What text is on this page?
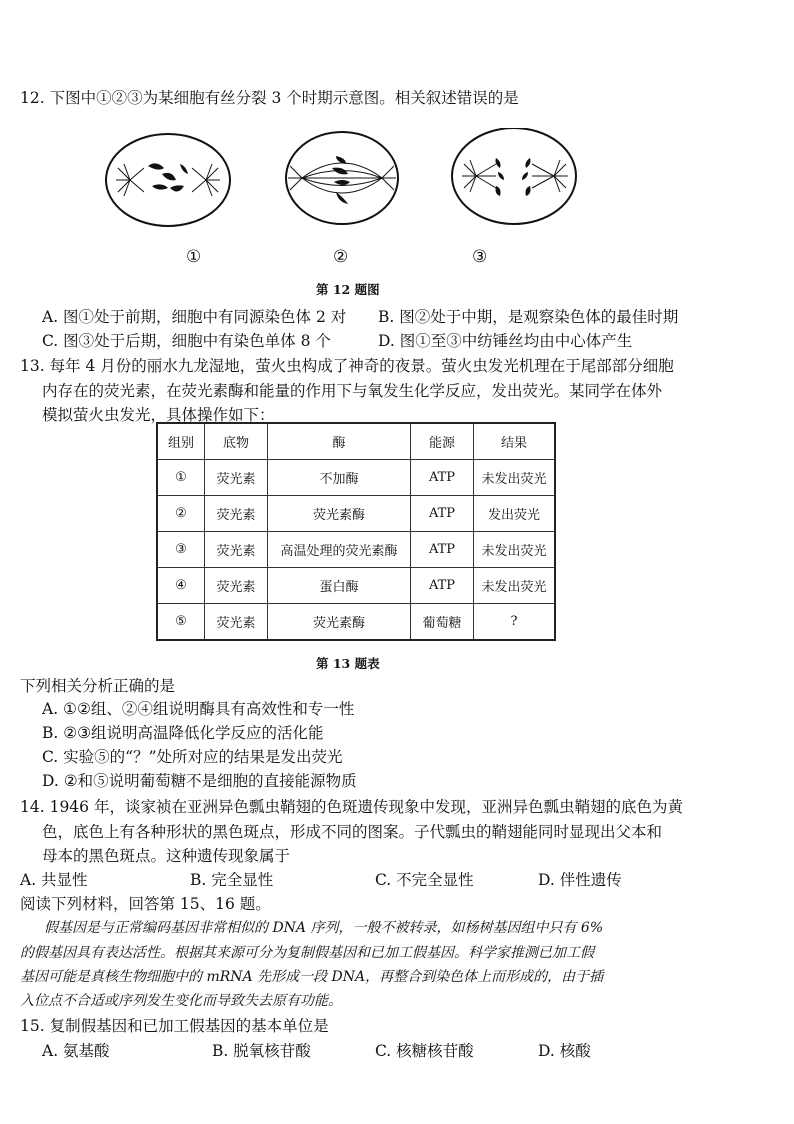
12. 下图中①②③为某细胞有丝分裂 3 个时期示意图。相关叙述错误的是
①	②	③
第 12 题图
A. 图①处于前期，细胞中有同源染色体 2 对 B. 图②处于中期，是观察染色体的最佳时期
C. 图③处于后期，细胞中有染色单体 8 个	D. 图①至③中纺锤丝均由中心体产生
13. 每年 4 月份的丽水九龙湿地，萤火虫构成了神奇的夜景。萤火虫发光机理在于尾部部分细胞
内存在的荧光素，在荧光素酶和能量的作用下与氧发生化学反应，发出荧光。某同学在体外
模拟萤火虫发光，具体操作如下：
组别	底物	酶	能源	结果
①	荧光素	不加酶	ATP	未发出荧光
②	荧光素	荧光素酶	ATP	发出荧光
③	荧光素	高温处理的荧光素酶	ATP	未发出荧光
④	荧光素	蛋白酶	ATP	未发出荧光
⑤	荧光素	荧光素酶	葡萄糖	?
第 13 题表
下列相关分析正确的是
A. ①②组、②④组说明酶具有高效性和专一性
B. ②③组说明高温降低化学反应的活化能
C. 实验⑤的“？”处所对应的结果是发出荧光
D. ②和⑤说明葡萄糖不是细胞的直接能源物质
14. 1946 年，谈家祯在亚洲异色瓢虫鞘翅的色斑遗传现象中发现，亚洲异色瓢虫鞘翅的底色为黄
色，底色上有各种形状的黑色斑点，形成不同的图案。子代瓢虫的鞘翅能同时显现出父本和
母本的黑色斑点。这种遗传现象属于
A. 共显性	B. 完全显性	C. 不完全显性	D. 伴性遗传
阅读下列材料，回答第 15、16 题。
假基因是与正常编码基因非常相似的 DNA 序列，一般不被转录，如杨树基因组中只有 6%
的假基因具有表达活性。根据其来源可分为复制假基因和已加工假基因。科学家推测已加工假
基因可能是真核生物细胞中的 mRNA 先形成一段 DNA，再整合到染色体上而形成的，由于插
入位点不合适或序列发生变化而导致失去原有功能。
15. 复制假基因和已加工假基因的基本单位是
A. 氨基酸	B. 脱氧核苷酸	C. 核糖核苷酸	D. 核酸
